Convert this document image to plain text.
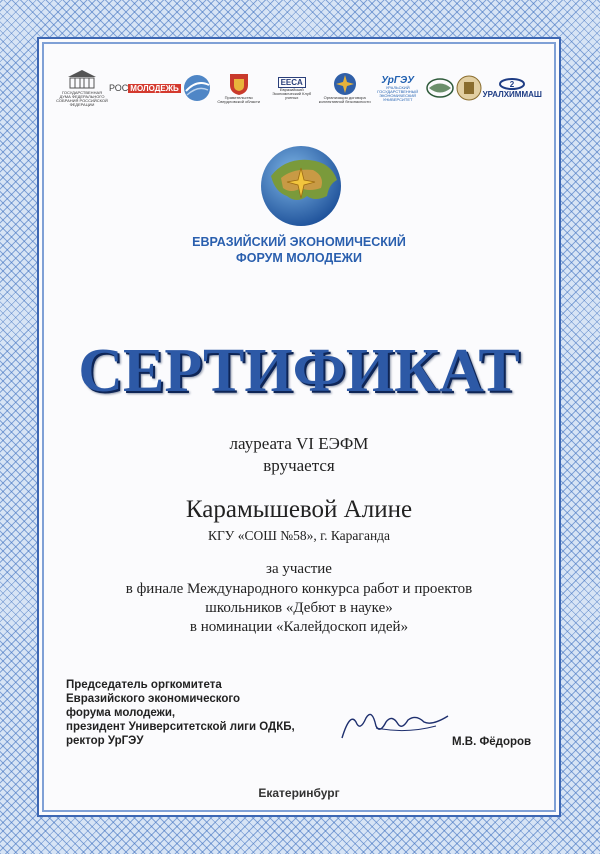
ГОСУДАРСТВЕННАЯ ДУМА ФЕДЕРАЛЬНОГО СОБРАНИЯ РОССИЙСКОЙ ФЕДЕРАЦИИ
РОС МОЛОДЕЖЬ
Правительство Свердловской области
EECA
Евразийский Экономический Клуб ученых	Организация договора коллективной безопасности
УрГЭУ
УРАЛЬСКИЙ ГОСУДАРСТВЕННЫЙ ЭКОНОМИЧЕСКИЙ УНИВЕРСИТЕТ
2
УРАЛХИММАШ
ЕВРАЗИЙСКИЙ ЭКОНОМИЧЕСКИЙ
ФОРУМ МОЛОДЕЖИ
СЕРТИФИКАТ
лауреата VI ЕЭФМ
вручается
Карамышевой Алине
КГУ «СОШ №58», г. Караганда
за участие
в финале Международного конкурса работ и проектов
школьников «Дебют в науке»
в номинации «Калейдоскоп идей»
Председатель оргкомитета
Евразийского экономического
форума молодежи,
президент Университетской лиги ОДКБ,
ректор УрГЭУ	М.В. Фёдоров
Екатеринбург
